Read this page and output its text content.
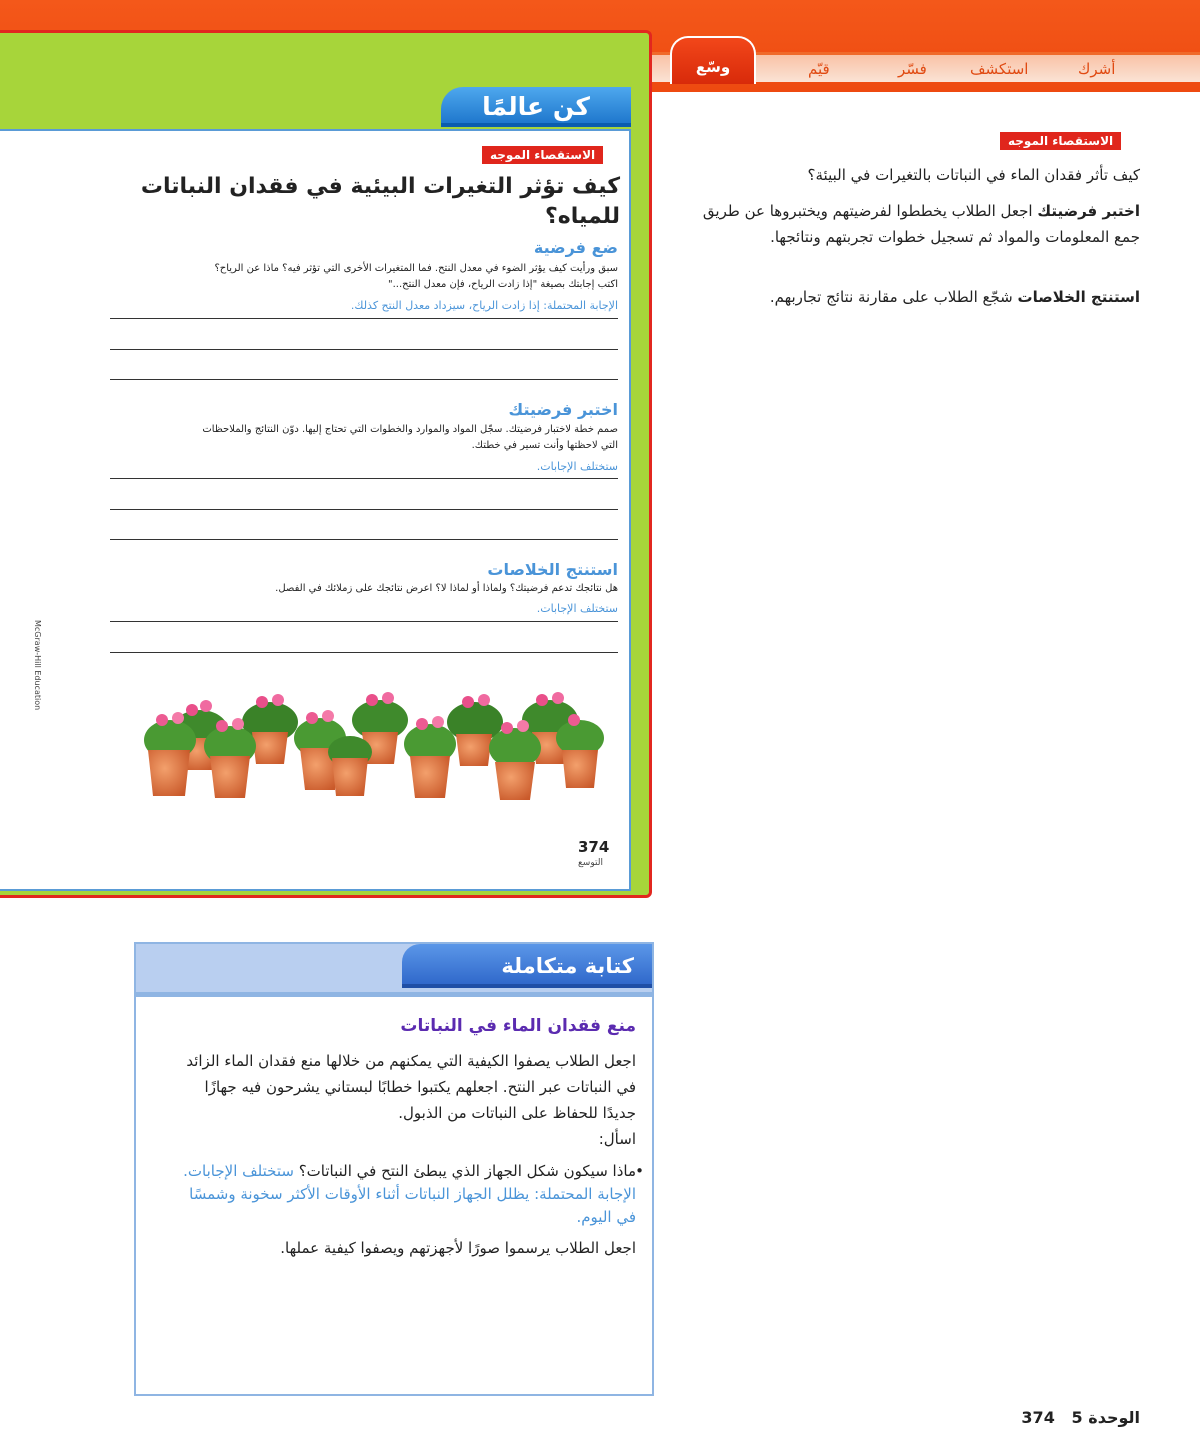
أشرك
استكشف
فسّر
قيّم
وسّع
كن عالمًا
الاستقصاء الموجه
كيف تؤثر التغيرات البيئية في فقدان النباتات للمياه؟
ضع فرضية
سبق ورأيت كيف يؤثر الضوء في معدل النتح. فما المتغيرات الأخرى التي تؤثر فيه؟ ماذا عن الرياح؟ اكتب إجابتك بصيغة "إذا زادت الرياح، فإن معدل النتح..."
الإجابة المحتملة: إذا زادت الرياح، سيزداد معدل النتح كذلك.
اختبر فرضيتك
صمم خطة لاختبار فرضيتك. سجّل المواد والموارد والخطوات التي تحتاج إليها. دوّن النتائج والملاحظات التي لاحظتها وأنت تسير في خطتك.
ستختلف الإجابات.
استنتج الخلاصات
هل نتائجك تدعم فرضيتك؟ ولماذا أو لماذا لا؟ اعرض نتائجك على زملائك في الفصل.
ستختلف الإجابات.
McGraw-Hill Education
374
التوسع
الاستقصاء الموجه
كيف تأثر فقدان الماء في النباتات بالتغيرات في البيئة؟
اختبر فرضيتك اجعل الطلاب يخططوا لفرضيتهم ويختبروها عن طريق جمع المعلومات والمواد ثم تسجيل خطوات تجربتهم ونتائجها.
استنتج الخلاصات شجّع الطلاب على مقارنة نتائج تجاربهم.
كتابة متكاملة
منع فقدان الماء في النباتات
اجعل الطلاب يصفوا الكيفية التي يمكنهم من خلالها منع فقدان الماء الزائد في النباتات عبر النتح. اجعلهم يكتبوا خطابًا لبستاني يشرحون فيه جهازًا جديدًا للحفاظ على النباتات من الذبول.
اسأل:
•
ماذا سيكون شكل الجهاز الذي يبطئ النتح في النباتات؟ ستختلف الإجابات. الإجابة المحتملة: يظلل الجهاز النباتات أثناء الأوقات الأكثر سخونة وشمسًا في اليوم.
اجعل الطلاب يرسموا صورًا لأجهزتهم ويصفوا كيفية عملها.
الوحدة 5   374
